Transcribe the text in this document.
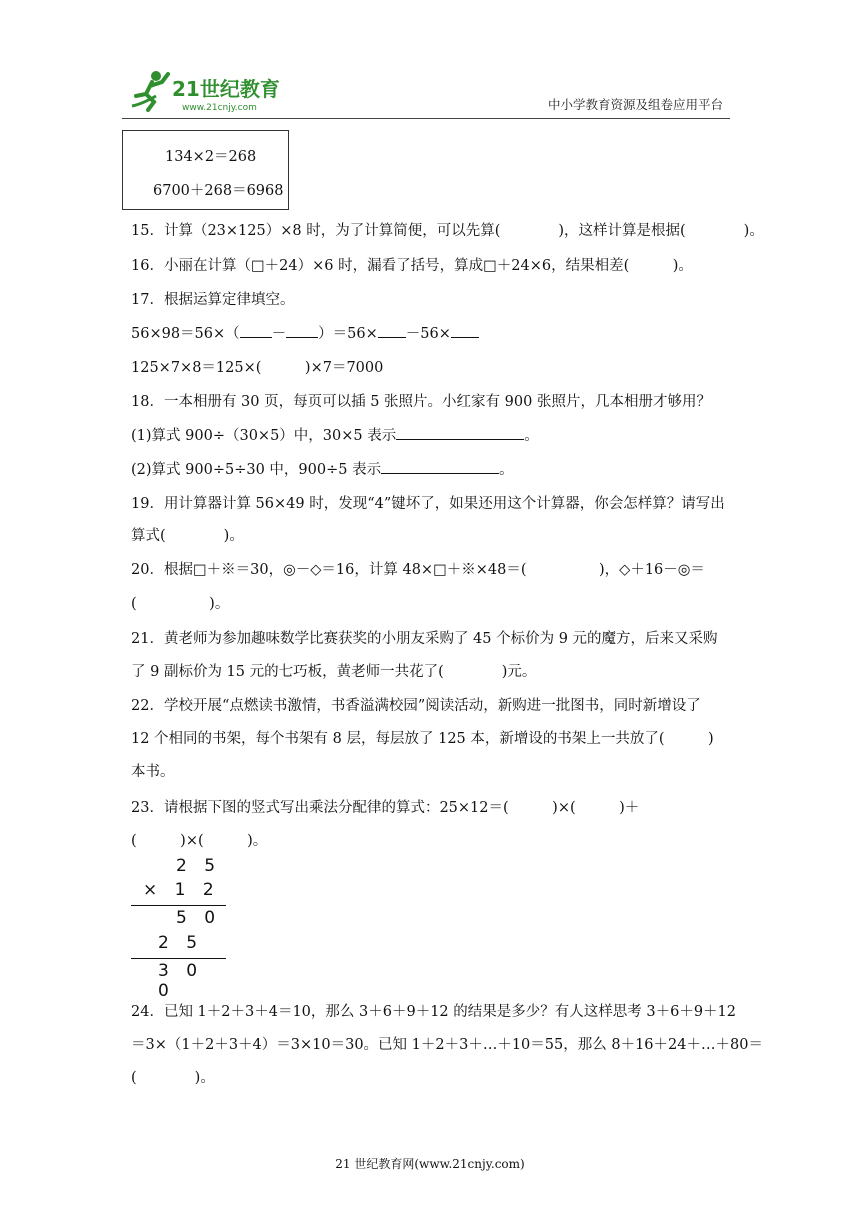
21世纪教育
www.21cnjy.com	中小学教育资源及组卷应用平台
134×2＝268
6700＋268＝6968
15．计算（23×125）×8 时，为了计算简便，可以先算(　　　　)，这样计算是根据(　　　　)。
16．小丽在计算（□＋24）×6 时，漏看了括号，算成□＋24×6，结果相差(　　　)。
17．根据运算定律填空。
56×98＝56×（ － ）＝56× －56×
125×7×8＝125×(　　　)×7＝7000
18．一本相册有 30 页，每页可以插 5 张照片。小红家有 900 张照片，几本相册才够用？
(1)算式 900÷（30×5）中，30×5 表示	。
(2)算式 900÷5÷30 中，900÷5 表示	。
19．用计算器计算 56×49 时，发现“4”键坏了，如果还用这个计算器，你会怎样算？请写出
算式(　　　　)。
20．根据□＋※＝30，◎－◇＝16，计算 48×□＋※×48＝(　　　　　)，◇＋16－◎＝
(　　　　　)。
21．黄老师为参加趣味数学比赛获奖的小朋友采购了 45 个标价为 9 元的魔方，后来又采购
了 9 副标价为 15 元的七巧板，黄老师一共花了(　　　　)元。
22．学校开展“点燃读书激情，书香溢满校园”阅读活动，新购进一批图书，同时新增设了
12 个相同的书架，每个书架有 8 层，每层放了 125 本，新增设的书架上一共放了(　　　)
本书。
23．请根据下图的竖式写出乘法分配律的算式：25×12＝(　　　)×(　　　)＋
(　　　)×(　　　)。
2 5
× 1 2
5 0
2 5
3 0 0
24．已知 1＋2＋3＋4＝10，那么 3＋6＋9＋12 的结果是多少？有人这样思考 3＋6＋9＋12
＝3×（1＋2＋3＋4）＝3×10＝30。已知 1＋2＋3＋…＋10＝55，那么 8＋16＋24＋…＋80＝
(　　　　)。
21 世纪教育网(www.21cnjy.com)
